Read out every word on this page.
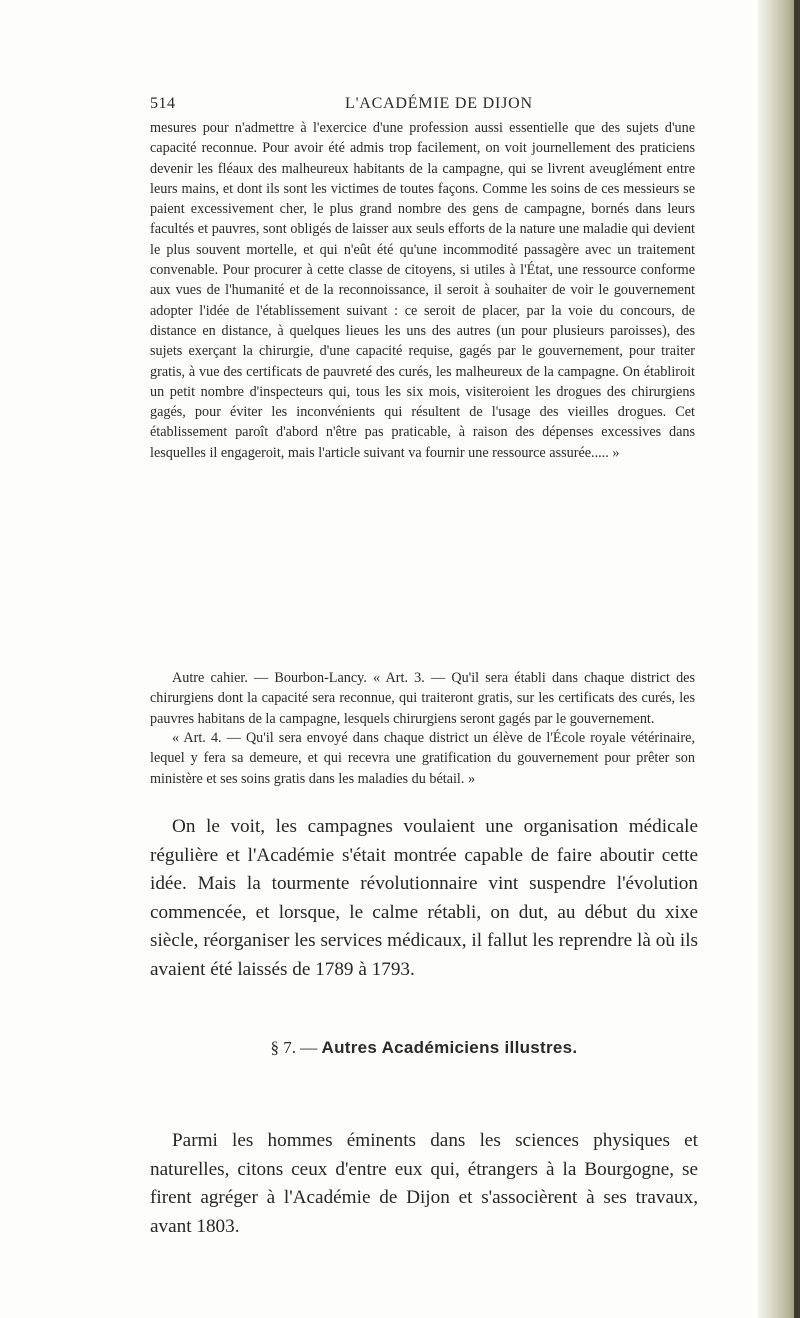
514	L'ACADÉMIE DE DIJON

mesures pour n'admettre à l'exercice d'une profession aussi essentielle que des sujets d'une capacité reconnue. Pour avoir été admis trop facilement, on voit journellement des praticiens devenir les fléaux des malheureux habitants de la campagne, qui se livrent aveuglément entre leurs mains, et dont ils sont les victimes de toutes façons. Comme les soins de ces messieurs se paient excessivement cher, le plus grand nombre des gens de campagne, bornés dans leurs facultés et pauvres, sont obligés de laisser aux seuls efforts de la nature une maladie qui devient le plus souvent mortelle, et qui n'eût été qu'une incommodité passagère avec un traitement convenable. Pour procurer à cette classe de citoyens, si utiles à l'État, une ressource conforme aux vues de l'humanité et de la reconnoissance, il seroit à souhaiter de voir le gouvernement adopter l'idée de l'établissement suivant : ce seroit de placer, par la voie du concours, de distance en distance, à quelques lieues les uns des autres (un pour plusieurs paroisses), des sujets exerçant la chirurgie, d'une capacité requise, gagés par le gouvernement, pour traiter gratis, à vue des certificats de pauvreté des curés, les malheureux de la campagne. On établiroit un petit nombre d'inspecteurs qui, tous les six mois, visiteroient les drogues des chirurgiens gagés, pour éviter les inconvénients qui résultent de l'usage des vieilles drogues. Cet établissement paroît d'abord n'être pas praticable, à raison des dépenses excessives dans lesquelles il engageroit, mais l'article suivant va fournir une ressource assurée..... »

Autre cahier. — Bourbon-Lancy. « Art. 3. — Qu'il sera établi dans chaque district des chirurgiens dont la capacité sera reconnue, qui traiteront gratis, sur les certificats des curés, les pauvres habitans de la campagne, lesquels chirurgiens seront gagés par le gouvernement.

« Art. 4. — Qu'il sera envoyé dans chaque district un élève de l'École royale vétérinaire, lequel y fera sa demeure, et qui recevra une gratification du gouvernement pour prêter son ministère et ses soins gratis dans les maladies du bétail. »

On le voit, les campagnes voulaient une organisation médicale régulière et l'Académie s'était montrée capable de faire aboutir cette idée. Mais la tourmente révolutionnaire vint suspendre l'évolution commencée, et lorsque, le calme rétabli, on dut, au début du xixe siècle, réorganiser les services médicaux, il fallut les reprendre là où ils avaient été laissés de 1789 à 1793.

§ 7. — Autres Académiciens illustres.

Parmi les hommes éminents dans les sciences physiques et naturelles, citons ceux d'entre eux qui, étrangers à la Bourgogne, se firent agréger à l'Académie de Dijon et s'associèrent à ses travaux, avant 1803.
